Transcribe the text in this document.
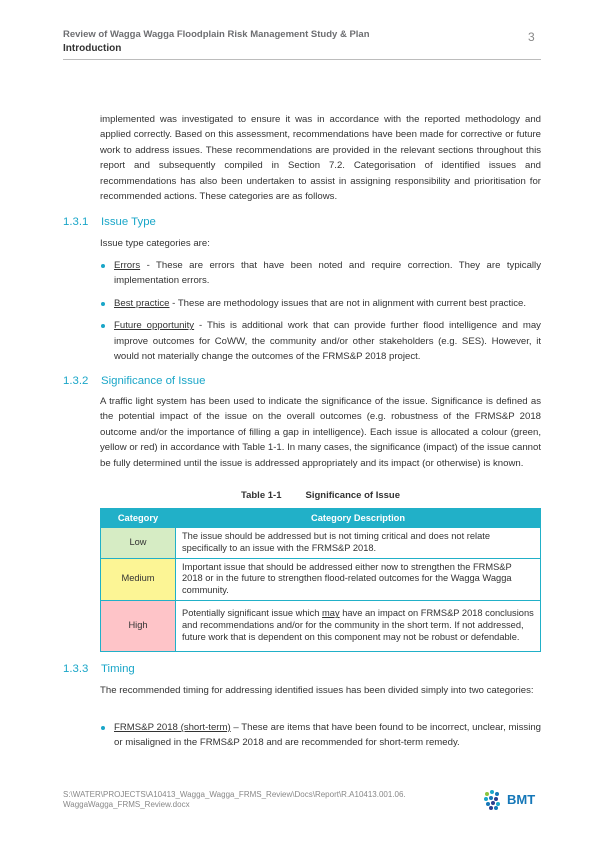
Review of Wagga Wagga Floodplain Risk Management Study & Plan
Introduction
3

implemented was investigated to ensure it was in accordance with the reported methodology and applied correctly. Based on this assessment, recommendations have been made for corrective or future work to address issues. These recommendations are provided in the relevant sections throughout this report and subsequently compiled in Section 7.2. Categorisation of identified issues and recommendations has also been undertaken to assist in assigning responsibility and prioritisation for recommended actions. These categories are as follows.

1.3.1 Issue Type

Issue type categories are:

Errors - These are errors that have been noted and require correction. They are typically implementation errors.
Best practice - These are methodology issues that are not in alignment with current best practice.
Future opportunity - This is additional work that can provide further flood intelligence and may improve outcomes for CoWW, the community and/or other stakeholders (e.g. SES). However, it would not materially change the outcomes of the FRMS&P 2018 project.
1.3.2 Significance of Issue

A traffic light system has been used to indicate the significance of the issue. Significance is defined as the potential impact of the issue on the overall outcomes (e.g. robustness of the FRMS&P 2018 outcome and/or the importance of filling a gap in intelligence). Each issue is allocated a colour (green, yellow or red) in accordance with Table 1-1. In many cases, the significance (impact) of the issue cannot be fully determined until the issue is addressed appropriately and its impact (or otherwise) is known.

Table 1-1	Significance of Issue
Category	Category Description
Low	The issue should be addressed but is not timing critical and does not relate specifically to an issue with the FRMS&P 2018.
Medium	Important issue that should be addressed either now to strengthen the FRMS&P 2018 or in the future to strengthen flood-related outcomes for the Wagga Wagga community.
High	Potentially significant issue which may have an impact on FRMS&P 2018 conclusions and recommendations and/or for the community in the short term. If not addressed, future work that is dependent on this component may not be robust or defendable.
1.3.3 Timing

The recommended timing for addressing identified issues has been divided simply into two categories:

FRMS&P 2018 (short-term) – These are items that have been found to be incorrect, unclear, missing or misaligned in the FRMS&P 2018 and are recommended for short-term remedy.
S:\WATER\PROJECTS\A10413_Wagga_Wagga_FRMS_Review\Docs\Report\R.A10413.001.06.
WaggaWagga_FRMS_Review.docx	BMT
